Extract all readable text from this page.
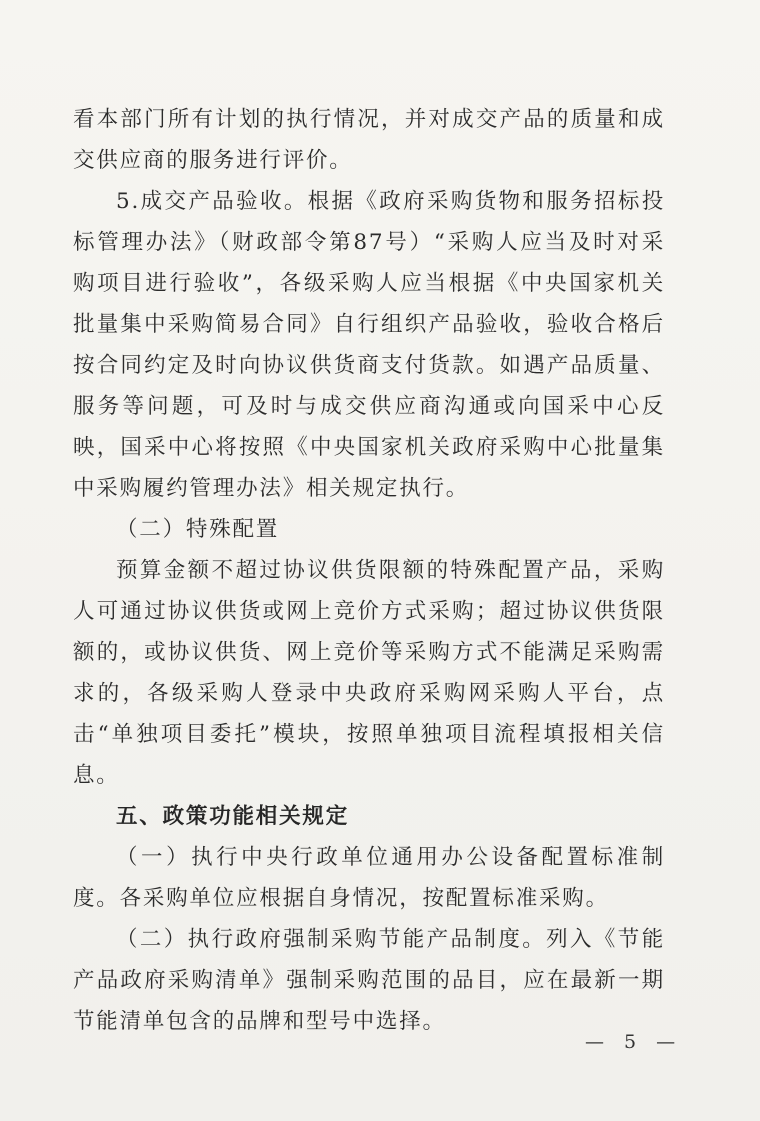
看本部门所有计划的执行情况，并对成交产品的质量和成交供应商的服务进行评价。

5.成交产品验收。根据《政府采购货物和服务招标投标管理办法》（财政部令第87号）“采购人应当及时对采购项目进行验收”，各级采购人应当根据《中央国家机关批量集中采购简易合同》自行组织产品验收，验收合格后按合同约定及时向协议供货商支付货款。如遇产品质量、服务等问题，可及时与成交供应商沟通或向国采中心反映，国采中心将按照《中央国家机关政府采购中心批量集中采购履约管理办法》相关规定执行。

（二）特殊配置

预算金额不超过协议供货限额的特殊配置产品，采购人可通过协议供货或网上竞价方式采购；超过协议供货限额的，或协议供货、网上竞价等采购方式不能满足采购需求的，各级采购人登录中央政府采购网采购人平台，点击“单独项目委托”模块，按照单独项目流程填报相关信息。

五、政策功能相关规定

（一）执行中央行政单位通用办公设备配置标准制度。各采购单位应根据自身情况，按配置标准采购。

（二）执行政府强制采购节能产品制度。列入《节能产品政府采购清单》强制采购范围的品目，应在最新一期节能清单包含的品牌和型号中选择。

— 5 —
